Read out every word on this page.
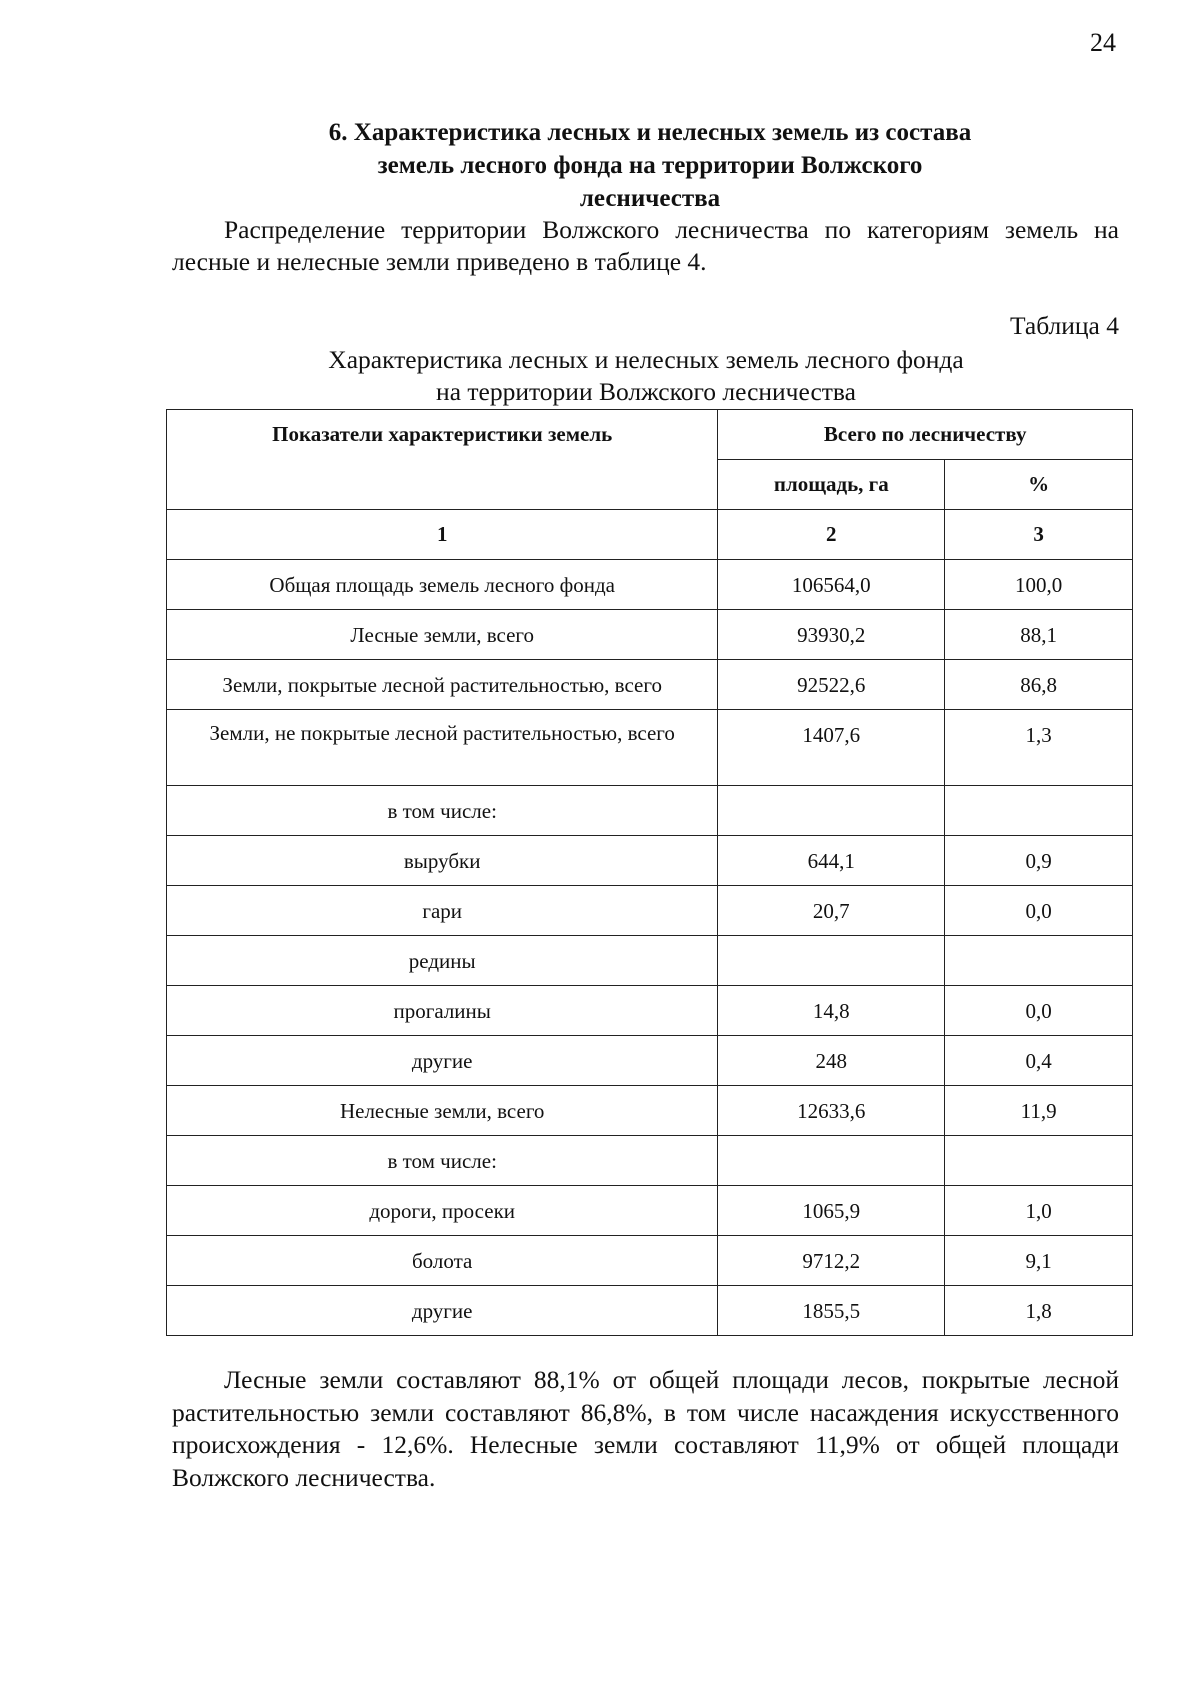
24
6. Характеристика лесных и нелесных земель из состава
земель лесного фонда на территории Волжского
лесничества

Распределение территории Волжского лесничества по категориям земель на лесные и нелесные земли приведено в таблице 4.

Таблица 4
Характеристика лесных и нелесных земель лесного фонда
на территории Волжского лесничества
Показатели характеристики земель	Всего по лесничеству	
	площадь, га	%
1	2	3
Общая площадь земель лесного фонда	106564,0	100,0
Лесные земли, всего	93930,2	88,1
Земли, покрытые лесной растительностью, всего	92522,6	86,8
Земли, не покрытые лесной растительностью, всего	1407,6	1,3
в том числе:		
вырубки	644,1	0,9
гари	20,7	0,0
редины		
прогалины	14,8	0,0
другие	248	0,4
Нелесные земли, всего	12633,6	11,9
в том числе:		
дороги, просеки	1065,9	1,0
болота	9712,2	9,1
другие	1855,5	1,8

Лесные земли составляют 88,1% от общей площади лесов, покрытые лесной растительностью земли составляют 86,8%, в том числе насаждения искусственного происхождения - 12,6%. Нелесные земли составляют 11,9% от общей площади Волжского лесничества.
